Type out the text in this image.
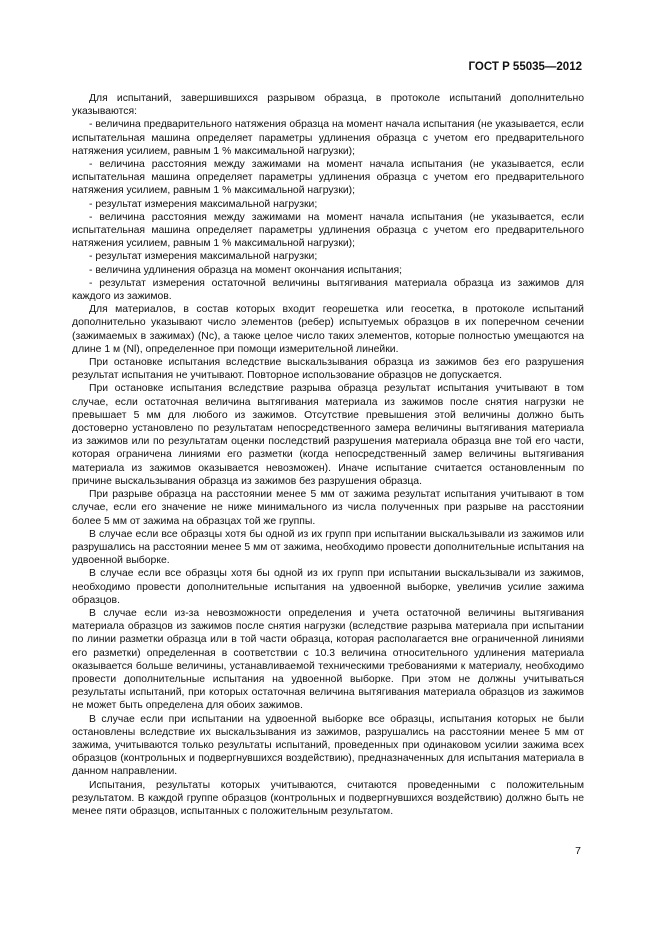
ГОСТ Р 55035—2012

Для испытаний, завершившихся разрывом образца, в протоколе испытаний дополнительно указываются:

- величина предварительного натяжения образца на момент начала испытания (не указывается, если испытательная машина определяет параметры удлинения образца с учетом его предварительного натяжения усилием, равным 1 % максимальной нагрузки);

- величина расстояния между зажимами на момент начала испытания (не указывается, если испытательная машина определяет параметры удлинения образца с учетом его предварительного натяжения усилием, равным 1 % максимальной нагрузки);

- результат измерения максимальной нагрузки;

- величина расстояния между зажимами на момент начала испытания (не указывается, если испытательная машина определяет параметры удлинения образца с учетом его предварительного натяжения усилием, равным 1 % максимальной нагрузки);

- результат измерения максимальной нагрузки;

- величина удлинения образца на момент окончания испытания;

- результат измерения остаточной величины вытягивания материала образца из зажимов для каждого из зажимов.

Для материалов, в состав которых входит георешетка или геосетка, в протоколе испытаний дополнительно указывают число элементов (ребер) испытуемых образцов в их поперечном сечении (зажимаемых в зажимах) (Nc), а также целое число таких элементов, которые полностью умещаются на длине 1 м (Nl), определенное при помощи измерительной линейки.

При остановке испытания вследствие выскальзывания образца из зажимов без его разрушения результат испытания не учитывают. Повторное использование образцов не допускается.

При остановке испытания вследствие разрыва образца результат испытания учитывают в том случае, если остаточная величина вытягивания материала из зажимов после снятия нагрузки не превышает 5 мм для любого из зажимов. Отсутствие превышения этой величины должно быть достоверно установлено по результатам непосредственного замера величины вытягивания материала из зажимов или по результатам оценки последствий разрушения материала образца вне той его части, которая ограничена линиями его разметки (когда непосредственный замер величины вытягивания материала из зажимов оказывается невозможен). Иначе испытание считается остановленным по причине выскальзывания образца из зажимов без разрушения образца.

При разрыве образца на расстоянии менее 5 мм от зажима результат испытания учитывают в том случае, если его значение не ниже минимального из числа полученных при разрыве на расстоянии более 5 мм от зажима на образцах той же группы.

В случае если все образцы хотя бы одной из их групп при испытании выскальзывали из зажимов или разрушались на расстоянии менее 5 мм от зажима, необходимо провести дополнительные испытания на удвоенной выборке.

В случае если все образцы хотя бы одной из их групп при испытании выскальзывали из зажимов, необходимо провести дополнительные испытания на удвоенной выборке, увеличив усилие зажима образцов.

В случае если из-за невозможности определения и учета остаточной величины вытягивания материала образцов из зажимов после снятия нагрузки (вследствие разрыва материала при испытании по линии разметки образца или в той части образца, которая располагается вне ограниченной линиями его разметки) определенная в соответствии с 10.3 величина относительного удлинения материала оказывается больше величины, устанавливаемой техническими требованиями к материалу, необходимо провести дополнительные испытания на удвоенной выборке. При этом не должны учитываться результаты испытаний, при которых остаточная величина вытягивания материала образцов из зажимов не может быть определена для обоих зажимов.

В случае если при испытании на удвоенной выборке все образцы, испытания которых не были остановлены вследствие их выскальзывания из зажимов, разрушались на расстоянии менее 5 мм от зажима, учитываются только результаты испытаний, проведенных при одинаковом усилии зажима всех образцов (контрольных и подвергнувшихся воздействию), предназначенных для испытания материала в данном направлении.

Испытания, результаты которых учитываются, считаются проведенными с положительным результатом. В каждой группе образцов (контрольных и подвергнувшихся воздействию) должно быть не менее пяти образцов, испытанных с положительным результатом.

7
